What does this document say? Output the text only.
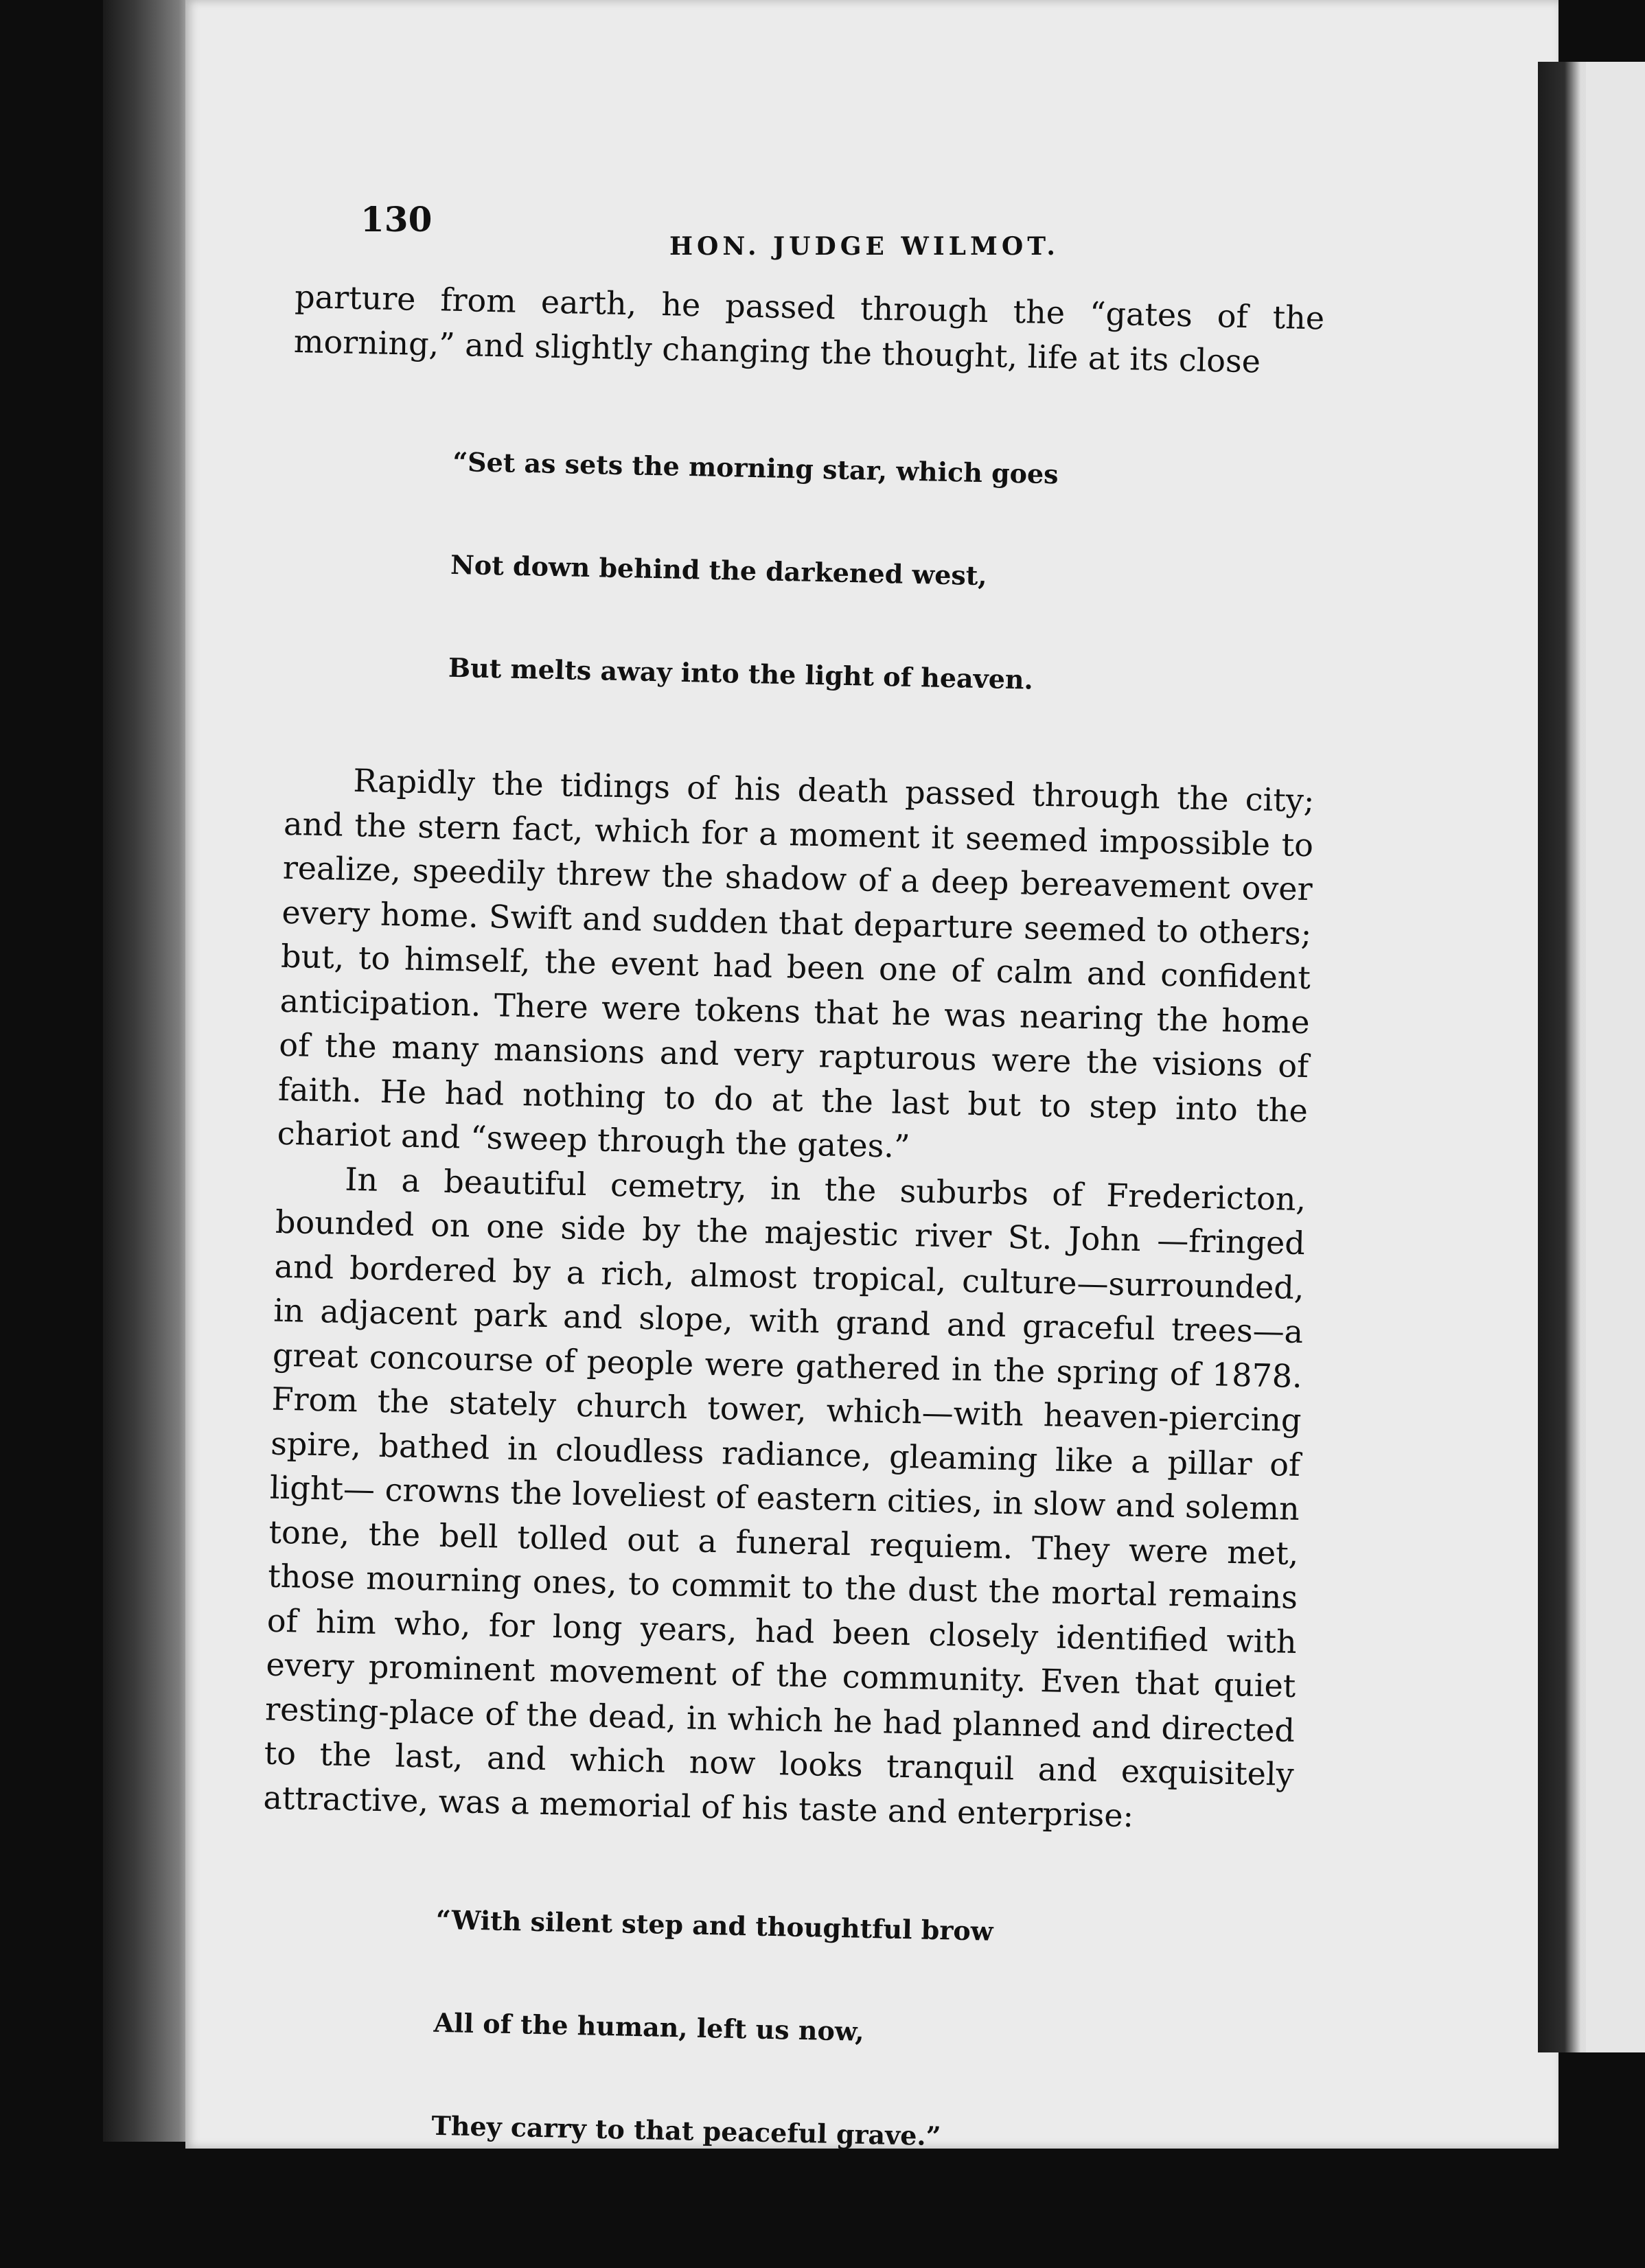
130
HON. JUDGE WILMOT.

parture from earth, he passed through the “gates of the morning,” and slightly changing the thought, life at its close

“Set as sets the morning star, which goes

Not down behind the darkened west,

But melts away into the light of heaven.

Rapidly the tidings of his death passed through the city; and the stern fact, which for a moment it seemed impossible to realize, speedily threw the shadow of a deep bereavement over every home. Swift and sudden that departure seemed to others; but, to himself, the event had been one of calm and confident anticipation. There were tokens that he was nearing the home of the many mansions and very rapturous were the visions of faith. He had nothing to do at the last but to step into the chariot and “sweep through the gates.”

In a beautiful cemetry, in the suburbs of Fredericton, bounded on one side by the majestic river St. John —fringed and bordered by a rich, almost tropical, culture—surrounded, in adjacent park and slope, with grand and graceful trees—a great concourse of people were gathered in the spring of 1878. From the stately church tower, which—with heaven-piercing spire, bathed in cloudless radiance, gleaming like a pillar of light— crowns the loveliest of eastern cities, in slow and solemn tone, the bell tolled out a funeral requiem. They were met, those mourning ones, to commit to the dust the mortal remains of him who, for long years, had been closely identified with every prominent movement of the community. Even that quiet resting-place of the dead, in which he had planned and directed to the last, and which now looks tranquil and exquisitely attractive, was a memorial of his taste and enterprise:

“With silent step and thoughtful brow

All of the human, left us now,

They carry to that peaceful grave.”
